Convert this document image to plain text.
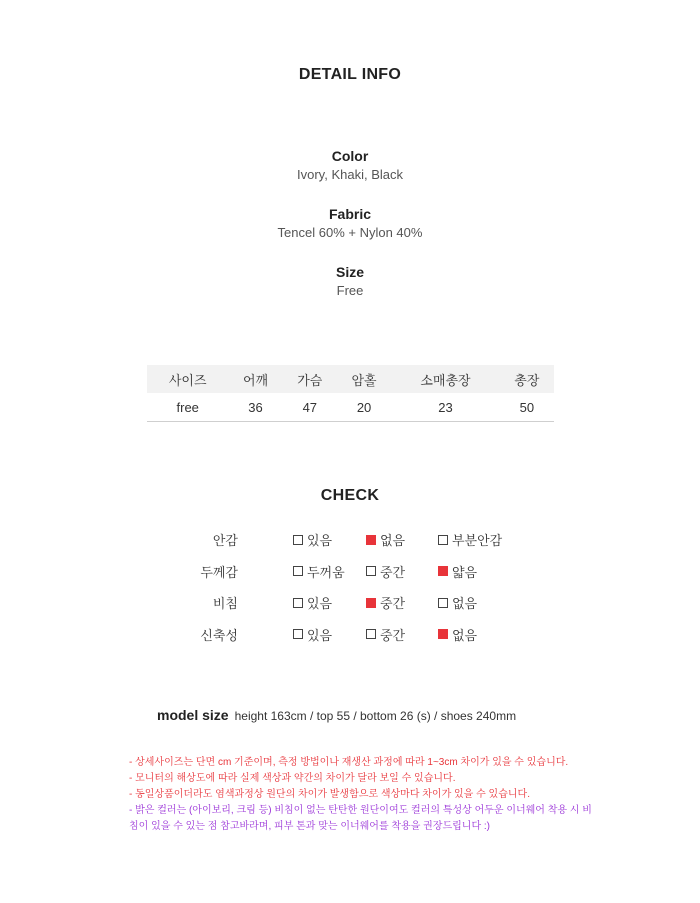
DETAIL INFO
Color
Ivory, Khaki, Black
Fabric
Tencel 60% + Nylon 40%
Size
Free
사이즈	어깨	가슴	암홀	소매총장	총장
free	36	47	20	23	50
CHECK
안감	있음	없음	부분안감
두께감	두꺼움	중간	얇음
비침	있음	중간	없음
신축성	있음	중간	없음
model size height 163cm / top 55 / bottom 26 (s) / shoes 240mm
- 상세사이즈는 단면 cm 기준이며, 측정 방법이나 재생산 과정에 따라 1~3cm 차이가 있을 수 있습니다.
- 모니터의 해상도에 따라 실제 색상과 약간의 차이가 달라 보일 수 있습니다.
- 동일상품이더라도 염색과정상 원단의 차이가 발생함으로 색상마다 차이가 있을 수 있습니다.
- 밝은 컬러는 (아이보리, 크림 등) 비침이 없는 탄탄한 원단이여도 컬러의 특성상 어두운 이너웨어 착용 시 비침이 있을 수 있는 점 참고바라며, 피부 톤과 맞는 이너웨어를 착용을 권장드립니다 :)
